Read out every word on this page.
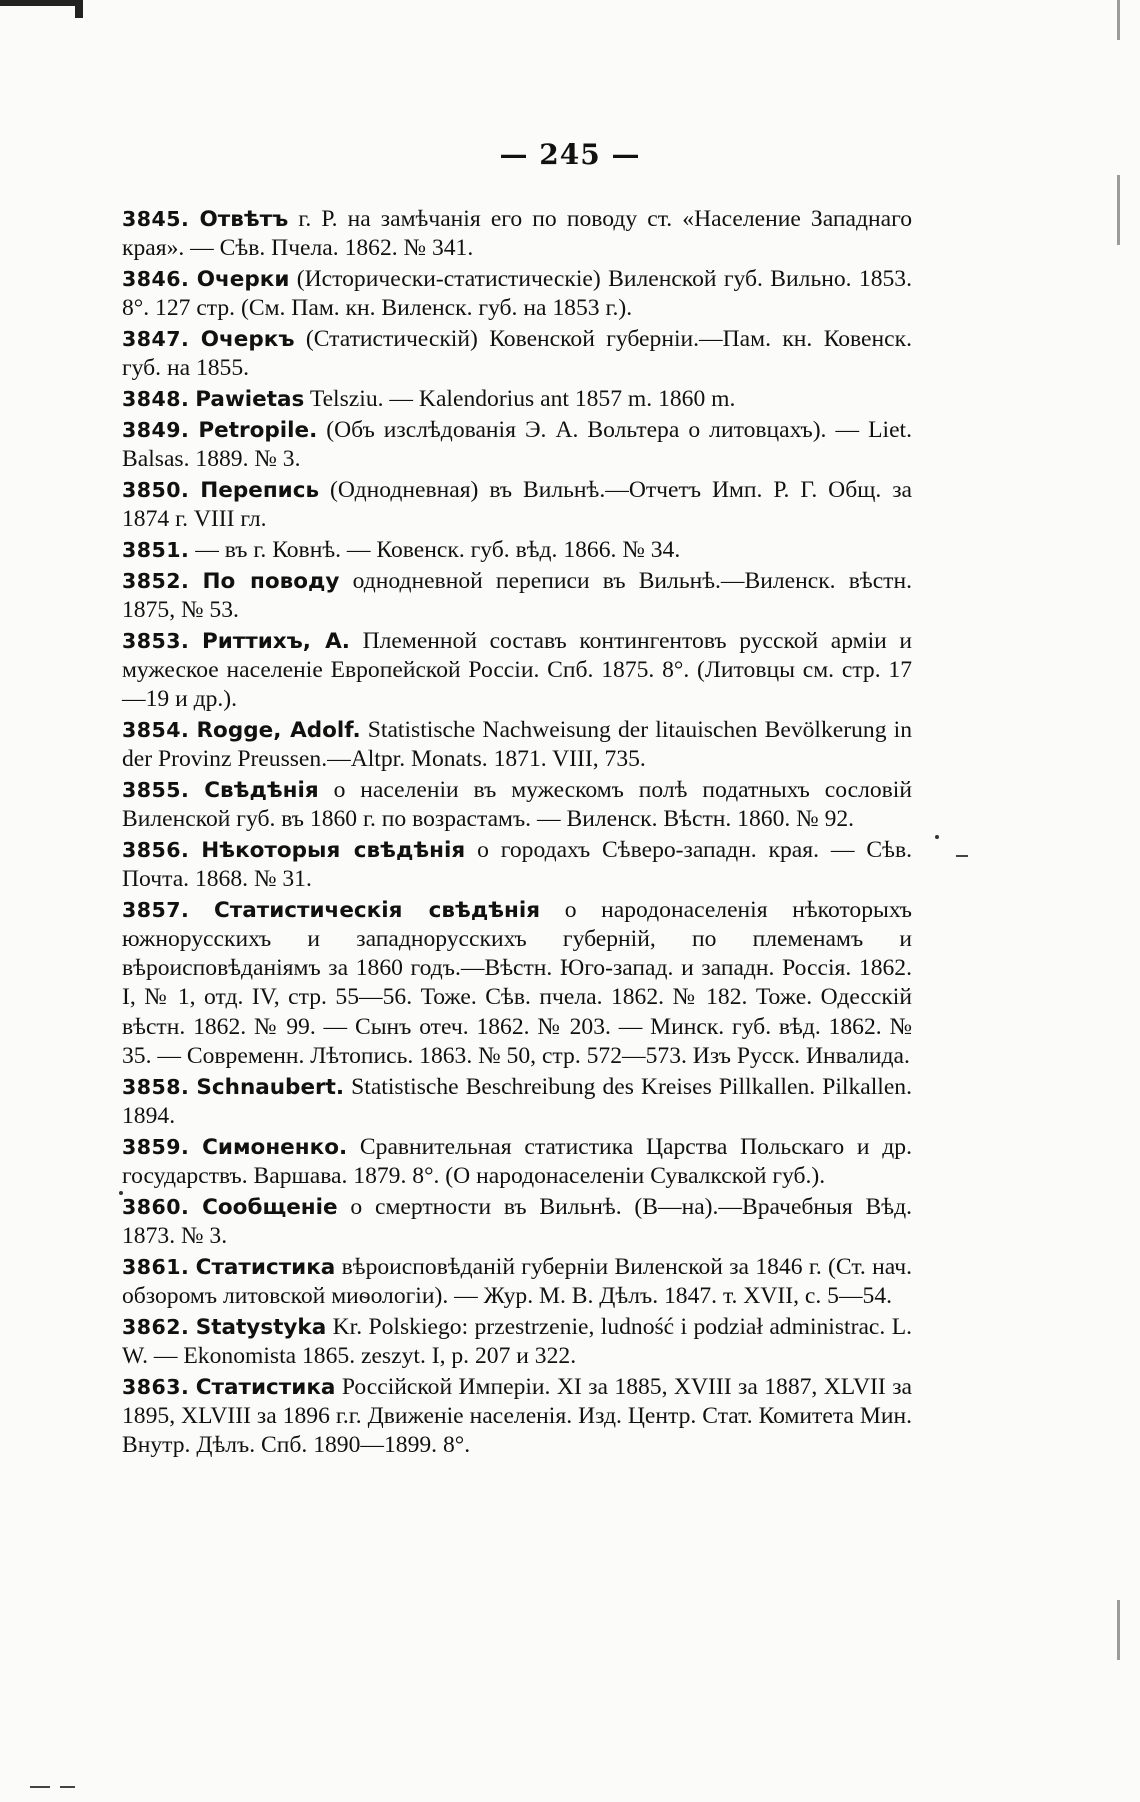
— 245 —

3845. Отвѣтъ г. Р. на замѣчанія его по поводу ст. «Население Западнаго края». — Сѣв. Пчела. 1862. № 341.

3846. Очерки (Исторически-статистическіе) Виленской губ. Вильно. 1853. 8°. 127 стр. (См. Пам. кн. Виленск. губ. на 1853 г.).

3847. Очеркъ (Статистическій) Ковенской губерніи.—Пам. кн. Ковенск. губ. на 1855.

3848. Pawietas Telsziu. — Kalendorius ant 1857 m. 1860 m.

3849. Petropile. (Объ изслѣдованія Э. А. Вольтера о литовцахъ). — Liet. Balsas. 1889. № 3.

3850. Перепись (Однодневная) въ Вильнѣ.—Отчетъ Имп. Р. Г. Общ. за 1874 г. VIII гл.

3851. — въ г. Ковнѣ. — Ковенск. губ. вѣд. 1866. № 34.

3852. По поводу однодневной переписи въ Вильнѣ.—Виленск. вѣстн. 1875, № 53.

3853. Риттихъ, А. Племенной составъ контингентовъ русской арміи и мужеское населеніе Европейской Россіи. Спб. 1875. 8°. (Литовцы см. стр. 17—19 и др.).

3854. Rogge, Adolf. Statistische Nachweisung der litauischen Bevölkerung in der Provinz Preussen.—Altpr. Monats. 1871. VIII, 735.

3855. Свѣдѣнія о населеніи въ мужескомъ полѣ податныхъ сословій Виленской губ. въ 1860 г. по возрастамъ. — Виленск. Вѣстн. 1860. № 92.

3856. Нѣкоторыя свѣдѣнія о городахъ Сѣверо-западн. края. — Сѣв. Почта. 1868. № 31.

3857. Статистическія свѣдѣнія о народонаселенія нѣкоторыхъ южнорусскихъ и западнорусскихъ губерній, по племенамъ и вѣроисповѣданіямъ за 1860 годъ.—Вѣстн. Юго-запад. и западн. Россія. 1862. I, № 1, отд. IV, стр. 55—56. Тоже. Сѣв. пчела. 1862. № 182. Тоже. Одесскій вѣстн. 1862. № 99. — Сынъ отеч. 1862. № 203. — Минск. губ. вѣд. 1862. № 35. — Современн. Лѣтопись. 1863. № 50, стр. 572—573. Изъ Русск. Инвалида.

3858. Schnaubert. Statistische Beschreibung des Kreises Pillkallen. Pilkallen. 1894.

3859. Симоненко. Сравнительная статистика Царства Польскаго и др. государствъ. Варшава. 1879. 8°. (О народонаселеніи Сувалкской губ.).

3860. Сообщеніе о смертности въ Вильнѣ. (В—на).—Врачебныя Вѣд. 1873. № 3.

3861. Статистика вѣроисповѣданій губерніи Виленской за 1846 г. (Ст. нач. обзоромъ литовской миѳологіи). — Жур. М. В. Дѣлъ. 1847. т. XVII, с. 5—54.

3862. Statystyka Kr. Polskiego: przestrzenie, ludność i podział administrac. L. W. — Ekonomista 1865. zeszyt. I, p. 207 и 322.

3863. Статистика Россійской Имперіи. XI за 1885, XVIII за 1887, XLVII за 1895, XLVIII за 1896 г.г. Движеніе населенія. Изд. Центр. Стат. Комитета Мин. Внутр. Дѣлъ. Спб. 1890—1899. 8°.
